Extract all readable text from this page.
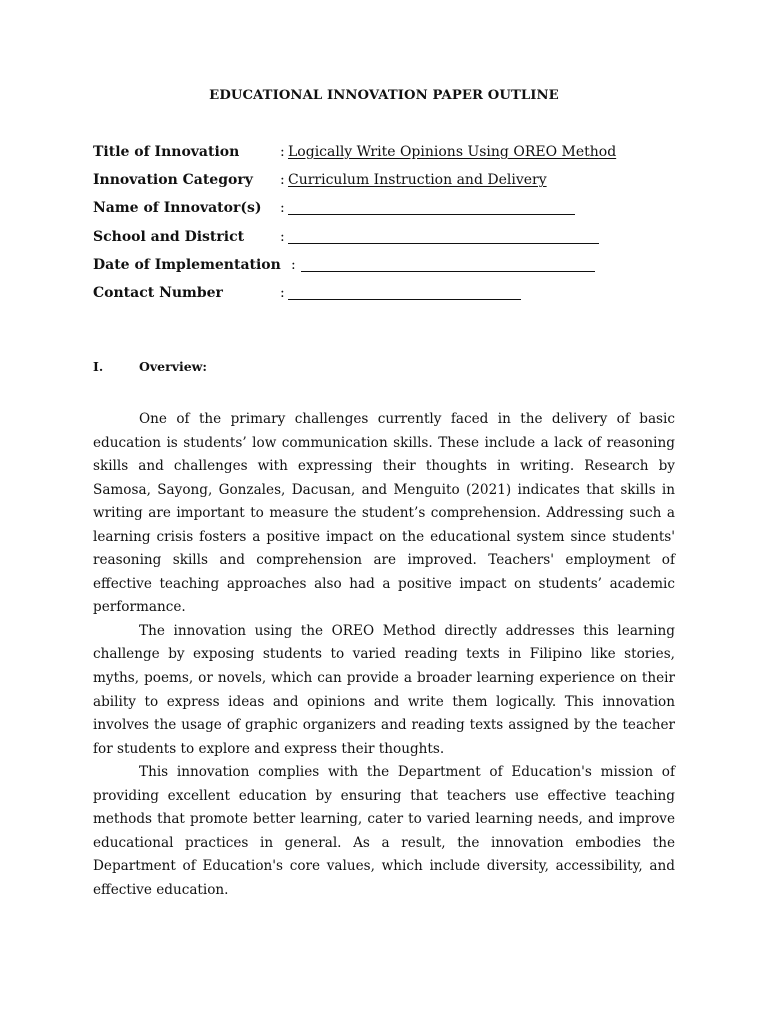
EDUCATIONAL INNOVATION PAPER OUTLINE
Title of Innovation	: Logically Write Opinions Using OREO Method
Innovation Category : Curriculum Instruction and Delivery
Name of Innovator(s) :
School and District	:
Date of Implementation :
Contact Number	:
I.	Overview:

One of the primary challenges currently faced in the delivery of basic education is students’ low communication skills. These include a lack of reasoning skills and challenges with expressing their thoughts in writing. Research by Samosa, Sayong, Gonzales, Dacusan, and Menguito (2021) indicates that skills in writing are important to measure the student’s comprehension. Addressing such a learning crisis fosters a positive impact on the educational system since students' reasoning skills and comprehension are improved. Teachers' employment of effective teaching approaches also had a positive impact on students’ academic performance.

The innovation using the OREO Method directly addresses this learning challenge by exposing students to varied reading texts in Filipino like stories, myths, poems, or novels, which can provide a broader learning experience on their ability to express ideas and opinions and write them logically. This innovation involves the usage of graphic organizers and reading texts assigned by the teacher for students to explore and express their thoughts.

This innovation complies with the Department of Education's mission of providing excellent education by ensuring that teachers use effective teaching methods that promote better learning, cater to varied learning needs, and improve educational practices in general. As a result, the innovation embodies the Department of Education's core values, which include diversity, accessibility, and effective education.
